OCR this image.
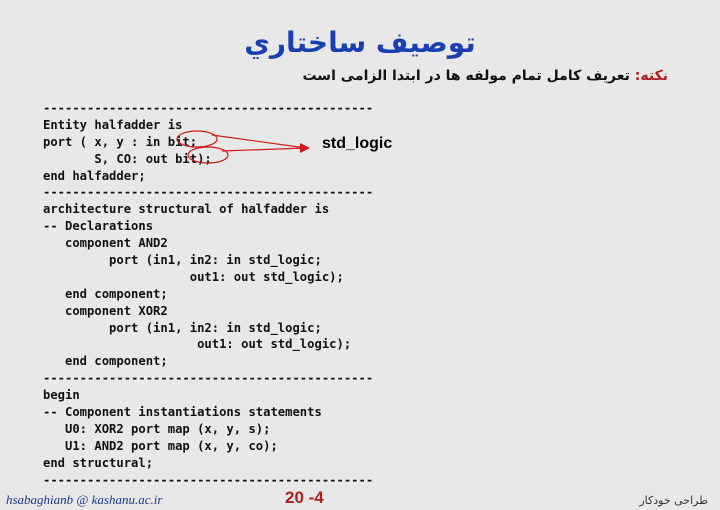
توصيف ساختاري
نکته: تعریف کامل تمام مولفه ها در ابتدا الزامی است
---------------------------------------------
Entity halfadder is
port ( x, y : in bit;
S, CO: out bit);
end halfadder;
---------------------------------------------
architecture structural of halfadder is
-- Declarations
component AND2
port (in1, in2: in std_logic;
out1: out std_logic);
end component;
component XOR2
port (in1, in2: in std_logic;
out1: out std_logic);
end component;
---------------------------------------------
begin
-- Component instantiations statements
U0: XOR2 port map (x, y, s);
U1: AND2 port map (x, y, co);
end structural;
---------------------------------------------
std_logic
hsabaghianb @ kashanu.ac.ir	20 -4	طراحی خودکار
